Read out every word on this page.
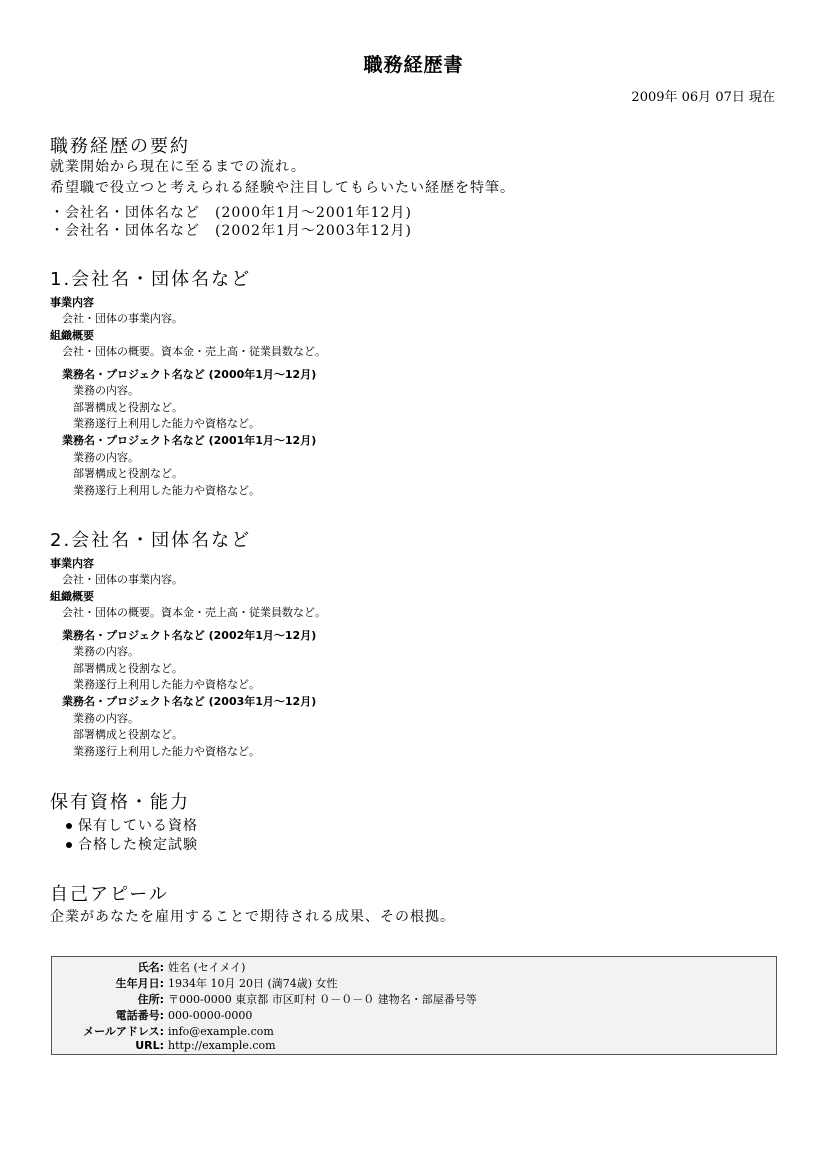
職務経歴書
2009年 06月 07日 現在
職務経歴の要約

就業開始から現在に至るまでの流れ。

希望職で役立つと考えられる経験や注目してもらいたい経歴を特筆。

・会社名・団体名など　(2000年1月～2001年12月)

・会社名・団体名など　(2002年1月～2003年12月)

1.会社名・団体名など

事業内容

会社・団体の事業内容。

組織概要

会社・団体の概要。資本金・売上高・従業員数など。

業務名・プロジェクト名など (2000年1月～12月)

業務の内容。

部署構成と役割など。

業務遂行上利用した能力や資格など。

業務名・プロジェクト名など (2001年1月～12月)

業務の内容。

部署構成と役割など。

業務遂行上利用した能力や資格など。

2.会社名・団体名など

事業内容

会社・団体の事業内容。

組織概要

会社・団体の概要。資本金・売上高・従業員数など。

業務名・プロジェクト名など (2002年1月～12月)

業務の内容。

部署構成と役割など。

業務遂行上利用した能力や資格など。

業務名・プロジェクト名など (2003年1月～12月)

業務の内容。

部署構成と役割など。

業務遂行上利用した能力や資格など。

保有資格・能力
保有している資格
合格した検定試験
自己アピール

企業があなたを雇用することで期待される成果、その根拠。

氏名: 姓名 (セイメイ)
生年月日: 1934年 10月 20日 (満74歳) 女性
住所: 〒000-0000 東京都 市区町村 ０－０－０ 建物名・部屋番号等
電話番号: 000-0000-0000
メールアドレス: info@example.com
URL: http://example.com
